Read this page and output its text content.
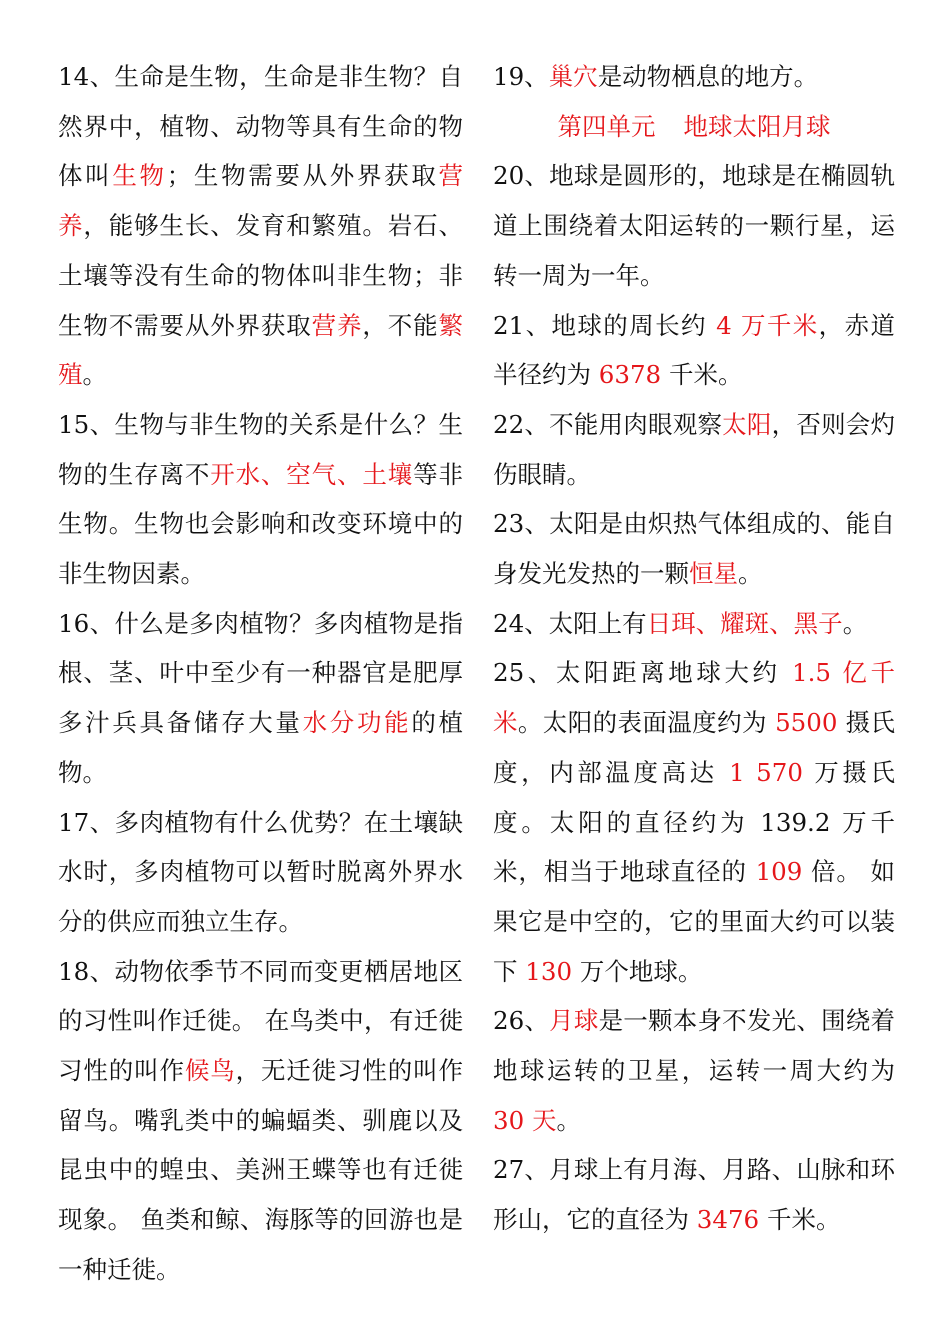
14、生命是生物，生命是非生物？自然界中，植物、动物等具有生命的物体叫生物；生物需要从外界获取营养，能够生长、发育和繁殖。岩石、土壤等没有生命的物体叫非生物；非生物不需要从外界获取营养，不能繁殖。
15、生物与非生物的关系是什么？生物的生存离不开水、空气、土壤等非生物。生物也会影响和改变环境中的非生物因素。
16、什么是多肉植物？多肉植物是指根、茎、叶中至少有一种器官是肥厚多汁兵具备储存大量水分功能的植物。
17、多肉植物有什么优势？在土壤缺水时，多肉植物可以暂时脱离外界水分的供应而独立生存。
18、动物依季节不同而变更栖居地区的习性叫作迁徙。 在鸟类中，有迁徙习性的叫作候鸟，无迁徙习性的叫作留鸟。嘴乳类中的蝙蝠类、驯鹿以及昆虫中的蝗虫、美洲王蝶等也有迁徙现象。 鱼类和鲸、海豚等的回游也是一种迁徙。
19、巢穴是动物栖息的地方。
第四单元 地球太阳月球
20、地球是圆形的，地球是在椭圆轨道上围绕着太阳运转的一颗行星，运转一周为一年。
21、地球的周长约 4 万千米，赤道半径约为 6378 千米。
22、不能用肉眼观察太阳，否则会灼伤眼睛。
23、太阳是由炽热气体组成的、能自身发光发热的一颗恒星。
24、太阳上有日珥、耀斑、黑子。
25、太阳距离地球大约 1.5 亿千米。太阳的表面温度约为 5500 摄氏度，内部温度高达 1 570 万摄氏度。太阳的直径约为 139.2 万千米，相当于地球直径的 109 倍。 如果它是中空的，它的里面大约可以装下 130 万个地球。
26、月球是一颗本身不发光、围绕着地球运转的卫星，运转一周大约为 30 天。
27、月球上有月海、月路、山脉和环形山，它的直径为 3476 千米。
